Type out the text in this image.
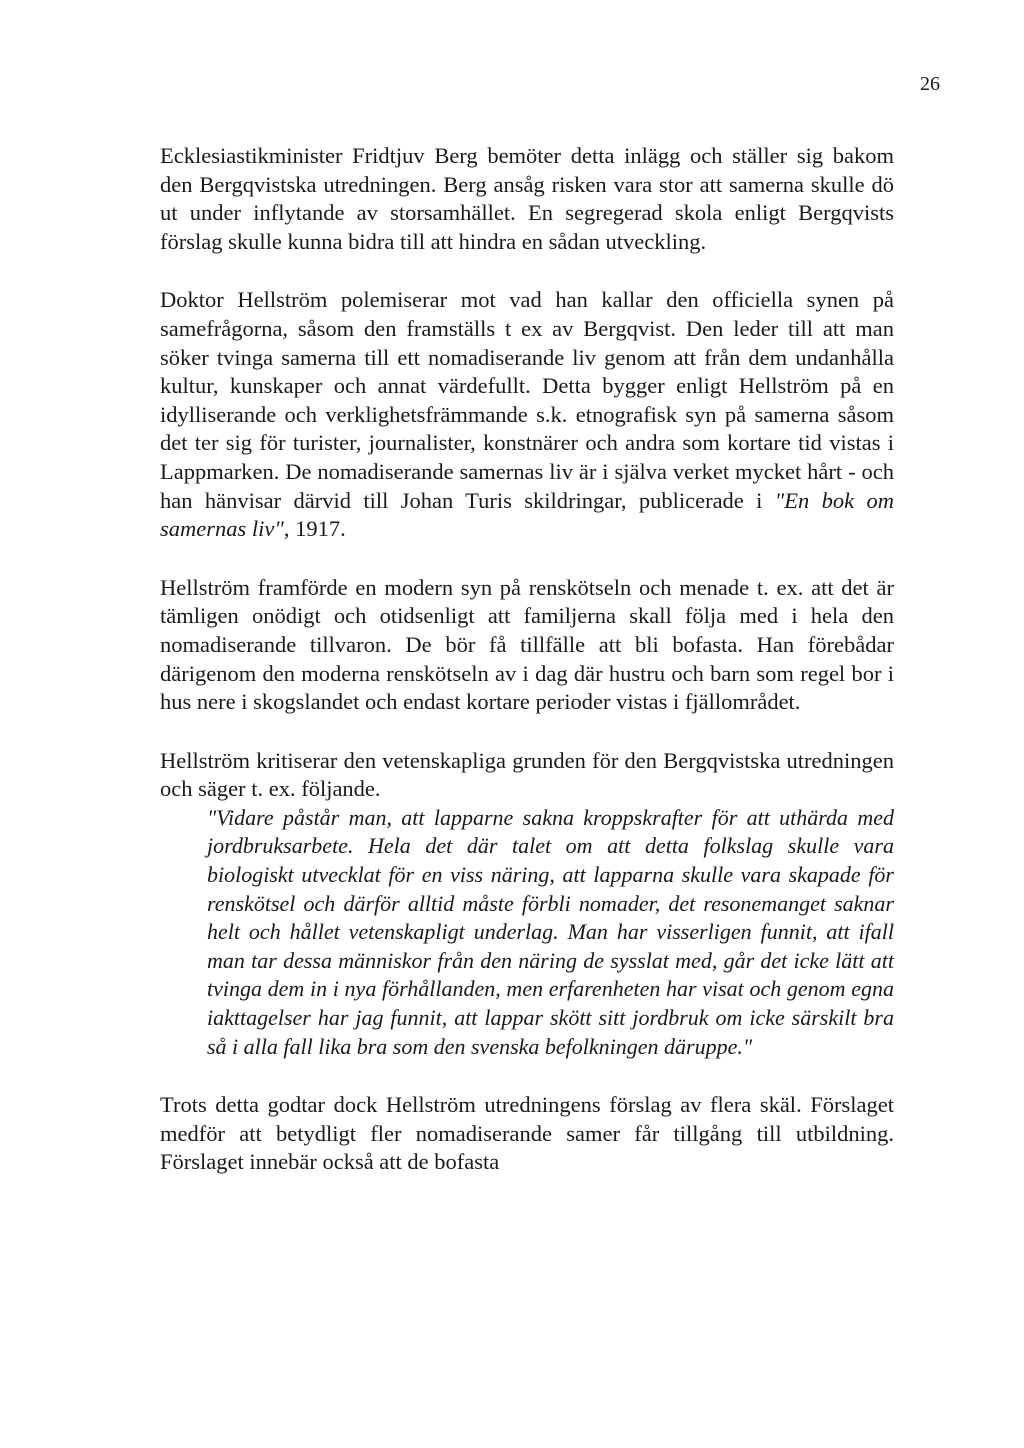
26

Ecklesiastikminister Fridtjuv Berg bemöter detta inlägg och ställer sig bakom den Bergqvistska utredningen. Berg ansåg risken vara stor att samerna skulle dö ut under inflytande av storsamhället. En segregerad skola enligt Bergqvists förslag skulle kunna bidra till att hindra en sådan utveckling.

Doktor Hellström polemiserar mot vad han kallar den officiella synen på samefrågorna, såsom den framställs t ex av Bergqvist. Den leder till att man söker tvinga samerna till ett nomadiserande liv genom att från dem undanhålla kultur, kunskaper och annat värdefullt. Detta bygger enligt Hellström på en idylliserande och verklighetsfrämmande s.k. etnografisk syn på samerna såsom det ter sig för turister, journalister, konstnärer och andra som kortare tid vistas i Lappmarken. De nomadiserande samernas liv är i själva verket mycket hårt - och han hänvisar därvid till Johan Turis skildringar, publicerade i "En bok om samernas liv", 1917.

Hellström framförde en modern syn på renskötseln och menade t. ex. att det är tämligen onödigt och otidsenligt att familjerna skall följa med i hela den nomadiserande tillvaron. De bör få tillfälle att bli bofasta. Han förebådar därigenom den moderna renskötseln av i dag där hustru och barn som regel bor i hus nere i skogslandet och endast kortare perioder vistas i fjällområdet.

Hellström kritiserar den vetenskapliga grunden för den Bergqvistska utredningen och säger t. ex. följande.

"Vidare påstår man, att lapparne sakna kroppskrafter för att uthärda med jordbruksarbete. Hela det där talet om att detta folkslag skulle vara biologiskt utvecklat för en viss näring, att lapparna skulle vara skapade för renskötsel och därför alltid måste förbli nomader, det resonemanget saknar helt och hållet vetenskapligt underlag. Man har visserligen funnit, att ifall man tar dessa människor från den näring de sysslat med, går det icke lätt att tvinga dem in i nya förhållanden, men erfarenheten har visat och genom egna iakttagelser har jag funnit, att lappar skött sitt jordbruk om icke särskilt bra så i alla fall lika bra som den svenska befolkningen däruppe."

Trots detta godtar dock Hellström utredningens förslag av flera skäl. Förslaget medför att betydligt fler nomadiserande samer får tillgång till utbildning. Förslaget innebär också att de bofasta
